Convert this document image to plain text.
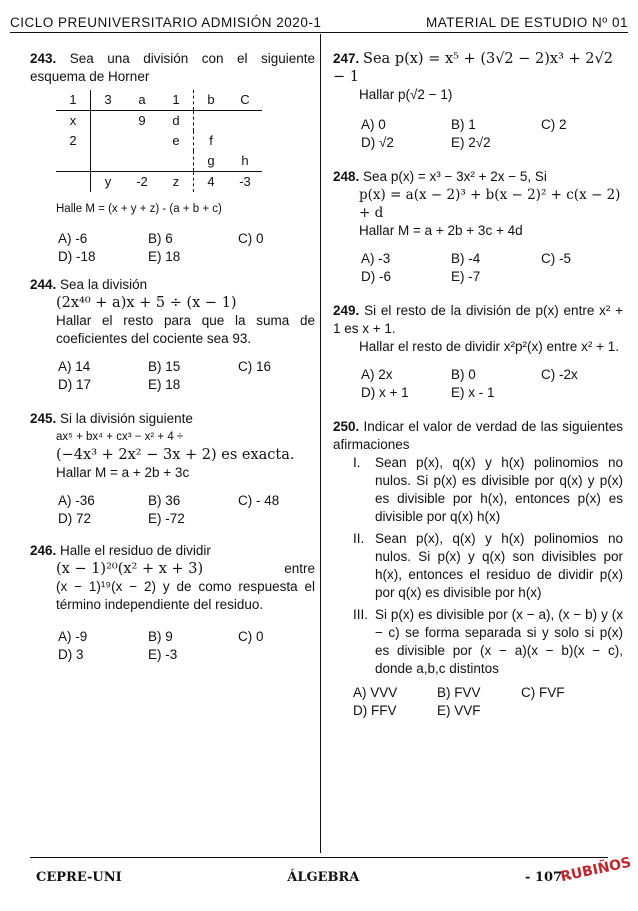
CICLO PREUNIVERSITARIO ADMISIÓN 2020-1	MATERIAL DE ESTUDIO Nº 01
243. Sea una división con el siguiente esquema de Horner
1	3	a	1	b	C
x		9	d		
2			e	f	
				g	h
	y	-2	z	4	-3
Halle M = (x + y + z) - (a + b + c)
A) -6	B) 6	C) 0
D) -18	E) 18
244. Sea la división
(2x⁴⁰ + a)x + 5 ÷ (x − 1)
Hallar el resto para que la suma de coeficientes del cociente sea 93.
A) 14	B) 15	C) 16
D) 17	E) 18
245. Si la división siguiente
ax⁵ + bx⁴ + cx³ − x² + 4 ÷
(−4x³ + 2x² − 3x + 2) es exacta.
Hallar M = a + 2b + 3c
A) -36	B) 36	C) - 48
D) 72	E) -72
246. Halle el residuo de dividir
(x − 1)²⁰(x² + x + 3)	entre
(x − 1)¹⁹(x − 2) y de como respuesta el término independiente del residuo.
A) -9	B) 9	C) 0
D) 3	E) -3
247. Sea p(x) = x⁵ + (3√2 − 2)x³ + 2√2 − 1
Hallar p(√2 − 1)
A) 0	B) 1	C) 2
D) √2	E) 2√2
248. Sea p(x) = x³ − 3x² + 2x − 5, Si
p(x) = a(x − 2)³ + b(x − 2)² + c(x − 2) + d
Hallar M = a + 2b + 3c + 4d
A) -3	B) -4	C) -5
D) -6	E) -7
249. Si el resto de la división de p(x) entre x² + 1 es x + 1.
Hallar el resto de dividir x²p²(x) entre x² + 1.
A) 2x	B) 0	C) -2x
D) x + 1	E) x - 1
250. Indicar el valor de verdad de las siguientes afirmaciones
I.	Sean p(x), q(x) y h(x) polinomios no nulos. Si p(x) es divisible por q(x) y p(x) es divisible por h(x), entonces p(x) es divisible por q(x) h(x)
II. Sean p(x), q(x) y h(x) polinomios no nulos. Si p(x) y q(x) son divisibles por h(x), entonces el residuo de dividir p(x) por q(x) es divisible por h(x)
III. Si p(x) es divisible por (x − a), (x − b) y (x − c) se forma separada si y solo si p(x) es divisible por (x − a)(x − b)(x − c), donde a,b,c distintos
A) VVV	B) FVV	C) FVF
D) FFV	E) VVF
CEPRE-UNI	ÁLGEBRA	- 107 -
RUBIÑOS
